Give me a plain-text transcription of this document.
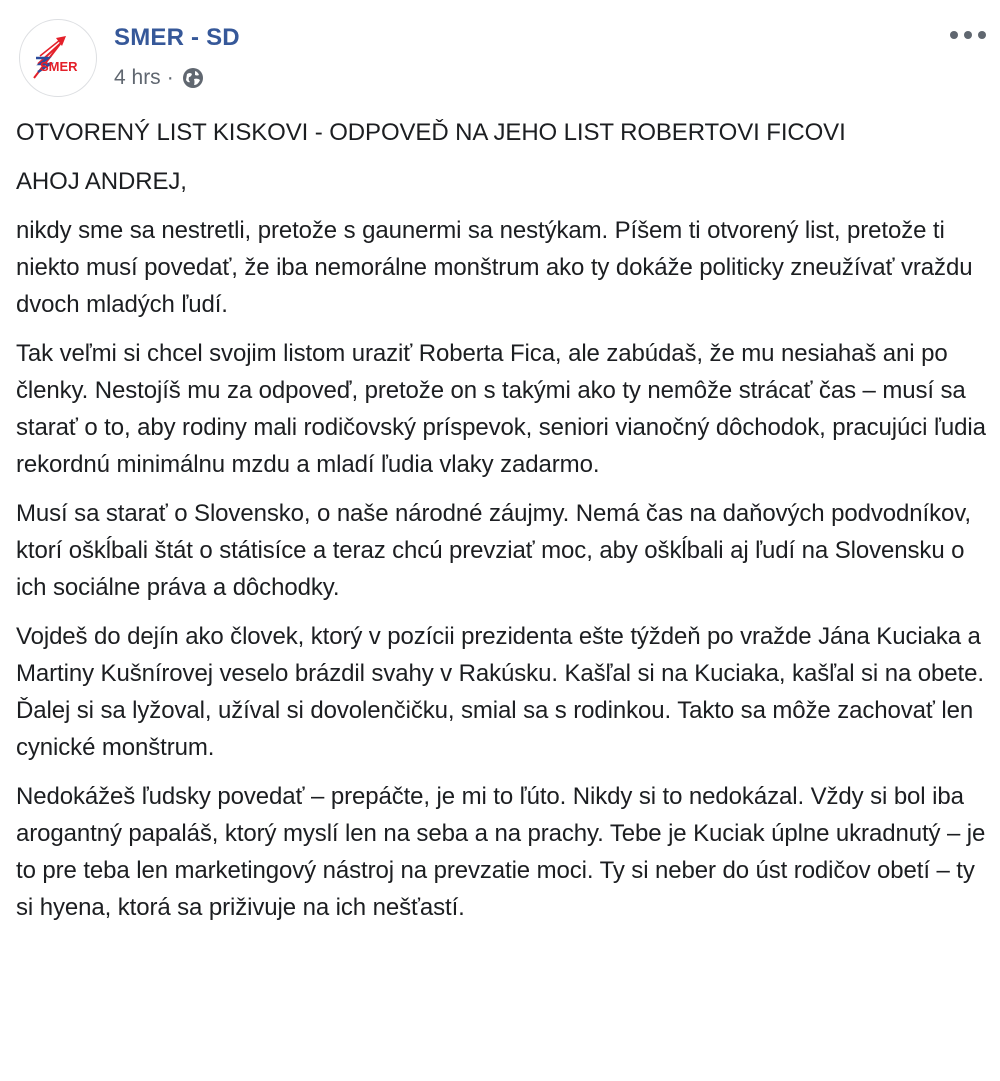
SMER
SMER - SD
4 hrs ·

OTVORENÝ LIST KISKOVI - ODPOVEĎ NA JEHO LIST ROBERTOVI FICOVI

AHOJ ANDREJ,

nikdy sme sa nestretli, pretože s gaunermi sa nestýkam. Píšem ti otvorený list, pretože ti niekto musí povedať, že iba nemorálne monštrum ako ty dokáže politicky zneužívať vraždu dvoch mladých ľudí.

Tak veľmi si chcel svojim listom uraziť Roberta Fica, ale zabúdaš, že mu nesiahaš ani po členky. Nestojíš mu za odpoveď, pretože on s takými ako ty nemôže strácať čas – musí sa starať o to, aby rodiny mali rodičovský príspevok, seniori vianočný dôchodok, pracujúci ľudia rekordnú minimálnu mzdu a mladí ľudia vlaky zadarmo.

Musí sa starať o Slovensko, o naše národné záujmy. Nemá čas na daňových podvodníkov, ktorí oškĺbali štát o státisíce a teraz chcú prevziať moc, aby oškĺbali aj ľudí na Slovensku o ich sociálne práva a dôchodky.

Vojdeš do dejín ako človek, ktorý v pozícii prezidenta ešte týždeň po vražde Jána Kuciaka a Martiny Kušnírovej veselo brázdil svahy v Rakúsku. Kašľal si na Kuciaka, kašľal si na obete. Ďalej si sa lyžoval, užíval si dovolenčičku, smial sa s rodinkou. Takto sa môže zachovať len cynické monštrum.

Nedokážeš ľudsky povedať – prepáčte, je mi to ľúto. Nikdy si to nedokázal. Vždy si bol iba arogantný papaláš, ktorý myslí len na seba a na prachy. Tebe je Kuciak úplne ukradnutý – je to pre teba len marketingový nástroj na prevzatie moci. Ty si neber do úst rodičov obetí – ty si hyena, ktorá sa priživuje na ich nešťastí.
